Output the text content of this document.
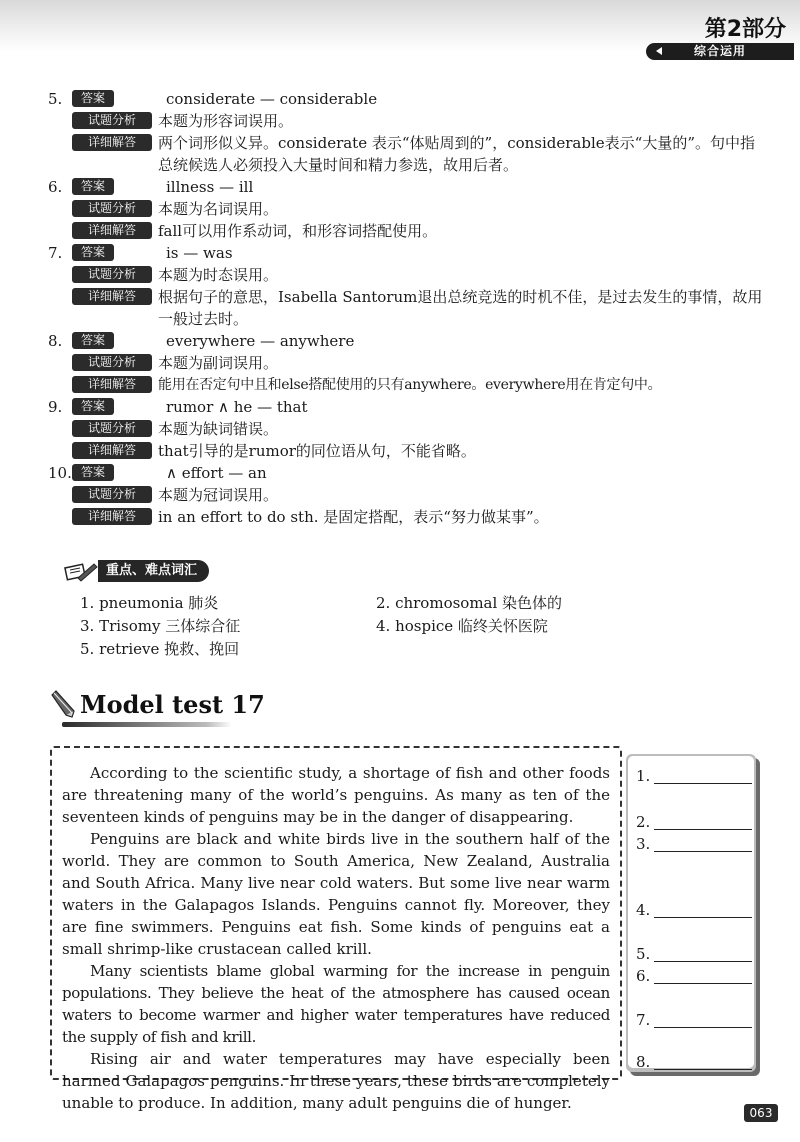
第2部分
综合运用
5.	答案	considerate — considerable
试题分析	本题为形容词误用。
详细解答	两个词形似义异。considerate 表示“体贴周到的”，considerable表示“大量的”。句中指总统候选人必须投入大量时间和精力参选，故用后者。
6.	答案	illness — ill
试题分析	本题为名词误用。
详细解答	fall可以用作系动词，和形容词搭配使用。
7.	答案	is — was
试题分析	本题为时态误用。
详细解答	根据句子的意思，Isabella Santorum退出总统竞选的时机不佳，是过去发生的事情，故用一般过去时。
8.	答案	everywhere — anywhere
试题分析	本题为副词误用。
详细解答	能用在否定句中且和else搭配使用的只有anywhere。everywhere用在肯定句中。
9.	答案	rumor ∧ he — that
试题分析	本题为缺词错误。
详细解答	that引导的是rumor的同位语从句，不能省略。
10. 答案	∧ effort — an
试题分析	本题为冠词误用。
详细解答	in an effort to do sth. 是固定搭配，表示“努力做某事”。
重点、难点词汇
1. pneumonia 肺炎	2. chromosomal 染色体的
3. Trisomy 三体综合征	4. hospice 临终关怀医院
5. retrieve 挽救、挽回
Model test 17

According to the scientific study, a shortage of fish and other foods are threatening many of the world’s penguins. As many as ten of the seventeen kinds of penguins may be in the danger of disappearing.

Penguins are black and white birds live in the southern half of the world. They are common to South America, New Zealand, Australia and South Africa. Many live near cold waters. But some live near warm waters in the Galapagos Islands. Penguins cannot fly. Moreover, they are fine swimmers. Penguins eat fish. Some kinds of penguins eat a small shrimp-like crustacean called krill.

Many scientists blame global warming for the increase in penguin populations. They believe the heat of the atmosphere has caused ocean waters to become warmer and higher water temperatures have reduced the supply of fish and krill.

Rising air and water temperatures may have especially been harmed Galapagos penguins. In these years, these birds are completely unable to produce. In addition, many adult penguins die of hunger.

1.
2.
3.
4.
5.
6.
7.
8.
063
